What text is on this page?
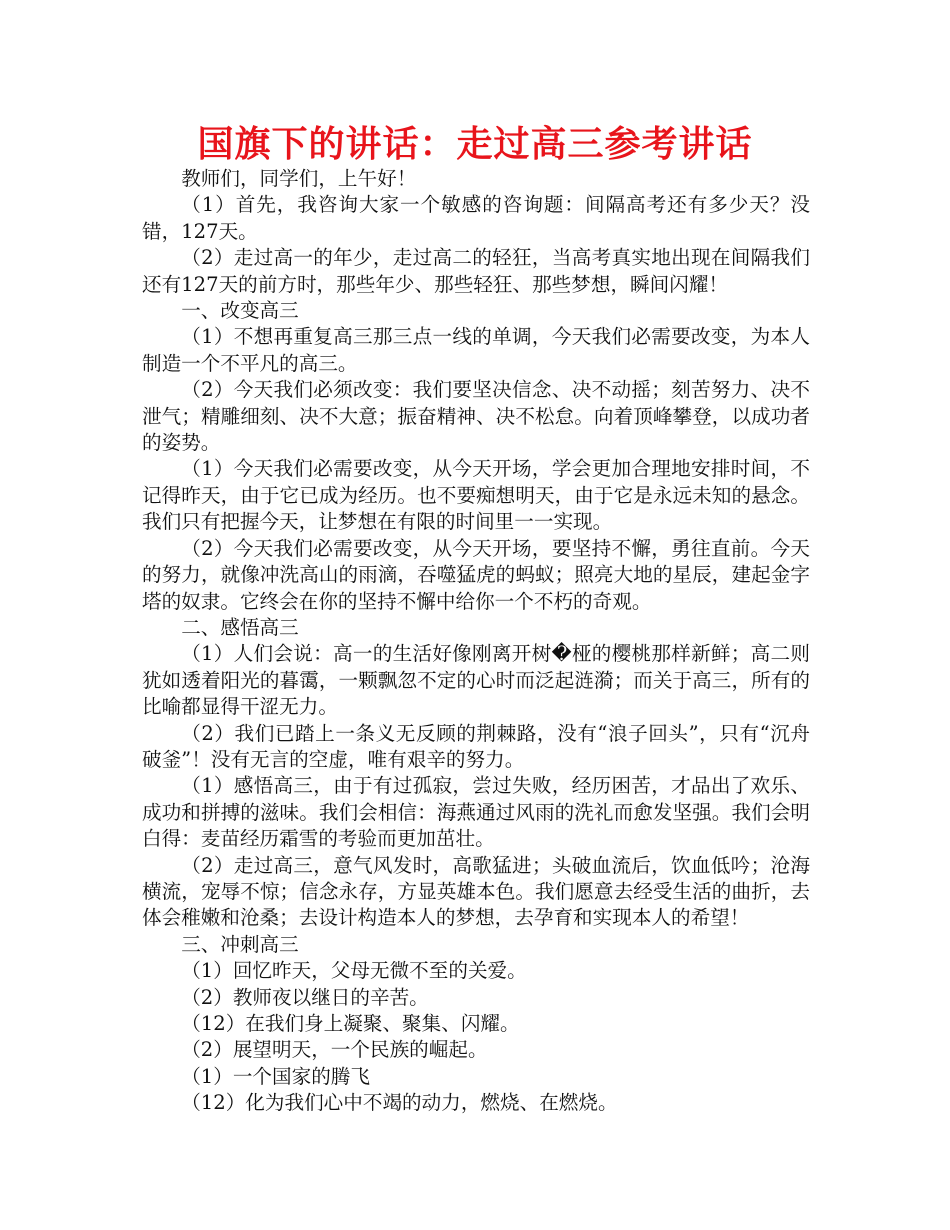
国旗下的讲话：走过高三参考讲话

教师们，同学们，上午好！

（1）首先，我咨询大家一个敏感的咨询题：间隔高考还有多少天？没错，127天。

（2）走过高一的年少，走过高二的轻狂，当高考真实地出现在间隔我们还有127天的前方时，那些年少、那些轻狂、那些梦想，瞬间闪耀！

一、改变高三

（1）不想再重复高三那三点一线的单调，今天我们必需要改变，为本人制造一个不平凡的高三。

（2）今天我们必须改变：我们要坚决信念、决不动摇；刻苦努力、决不泄气；精雕细刻、决不大意；振奋精神、决不松怠。向着顶峰攀登，以成功者的姿势。

（1）今天我们必需要改变，从今天开场，学会更加合理地安排时间，不记得昨天，由于它已成为经历。也不要痴想明天，由于它是永远未知的悬念。我们只有把握今天，让梦想在有限的时间里一一实现。

（2）今天我们必需要改变，从今天开场，要坚持不懈，勇往直前。今天的努力，就像冲洗高山的雨滴，吞噬猛虎的蚂蚁；照亮大地的星辰，建起金字塔的奴隶。它终会在你的坚持不懈中给你一个不朽的奇观。

二、感悟高三

（1）人们会说：高一的生活好像刚离开树�桠的樱桃那样新鲜；高二则犹如透着阳光的暮霭，一颗飘忽不定的心时而泛起涟漪；而关于高三，所有的比喻都显得干涩无力。

（2）我们已踏上一条义无反顾的荆棘路，没有“浪子回头”，只有“沉舟破釜”！没有无言的空虚，唯有艰辛的努力。

（1）感悟高三，由于有过孤寂，尝过失败，经历困苦，才品出了欢乐、成功和拼搏的滋味。我们会相信：海燕通过风雨的洗礼而愈发坚强。我们会明白得：麦苗经历霜雪的考验而更加茁壮。

（2）走过高三，意气风发时，高歌猛进；头破血流后，饮血低吟；沧海横流，宠辱不惊；信念永存，方显英雄本色。我们愿意去经受生活的曲折，去体会稚嫩和沧桑；去设计构造本人的梦想，去孕育和实现本人的希望！

三、冲刺高三

（1）回忆昨天，父母无微不至的关爱。

（2）教师夜以继日的辛苦。

（12）在我们身上凝聚、聚集、闪耀。

（2）展望明天，一个民族的崛起。

（1）一个国家的腾飞

（12）化为我们心中不竭的动力，燃烧、在燃烧。
